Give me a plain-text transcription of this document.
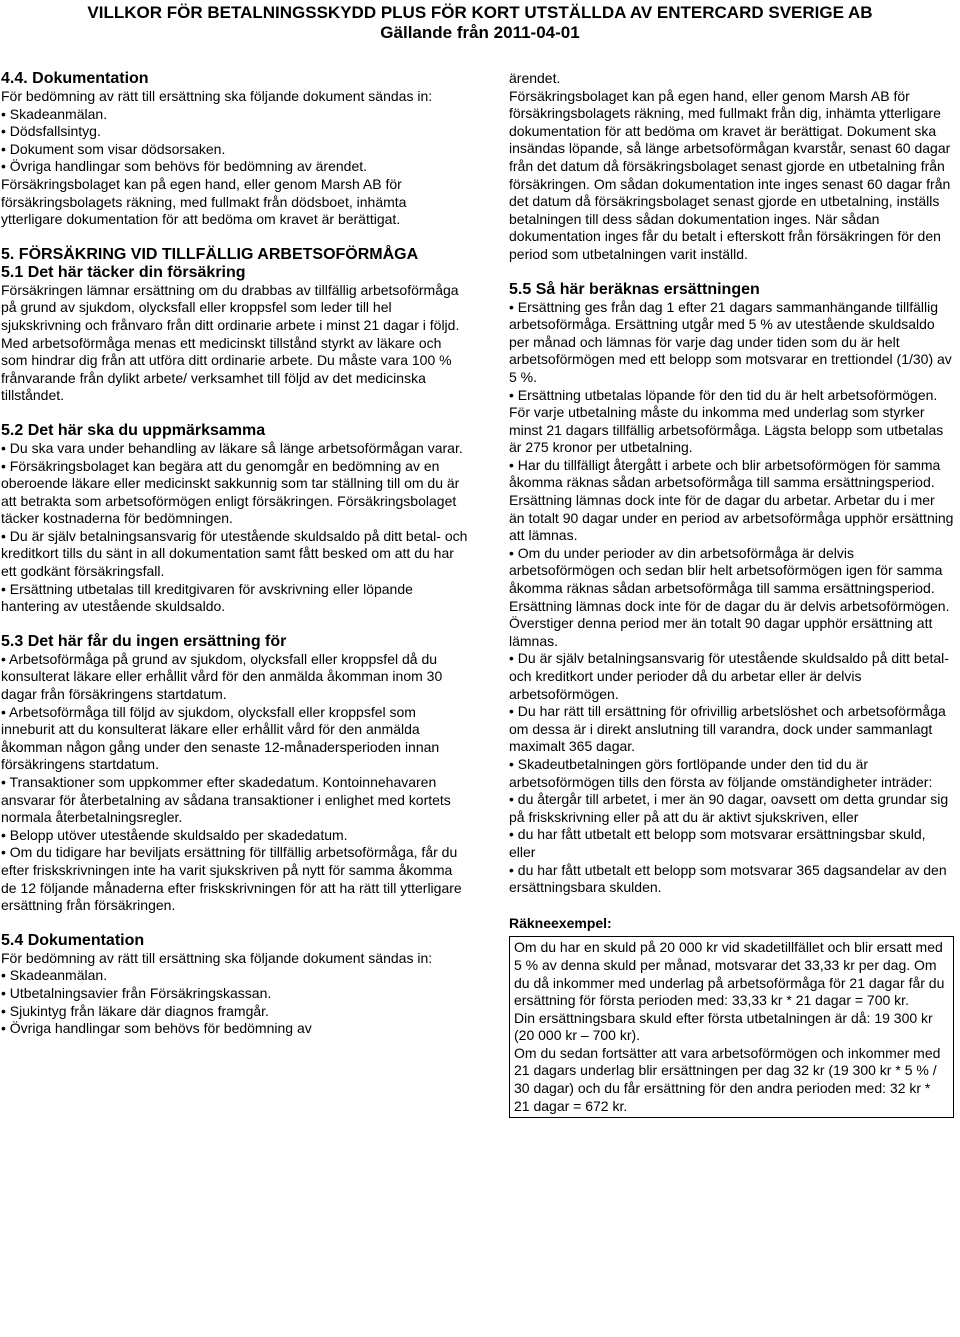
VILLKOR FÖR BETALNINGSSKYDD PLUS FÖR KORT UTSTÄLLDA AV ENTERCARD SVERIGE AB
Gällande från 2011-04-01
4.4. Dokumentation

För bedömning av rätt till ersättning ska följande dokument sändas in:

• Skadeanmälan.

• Dödsfallsintyg.

• Dokument som visar dödsorsaken.

• Övriga handlingar som behövs för bedömning av ärendet.

Försäkringsbolaget kan på egen hand, eller genom Marsh AB för försäkringsbolagets räkning, med fullmakt från dödsboet, inhämta ytterligare dokumentation för att bedöma om kravet är berättigat.

5. FÖRSÄKRING VID TILLFÄLLIG ARBETSOFÖRMÅGA
5.1 Det här täcker din försäkring

Försäkringen lämnar ersättning om du drabbas av tillfällig arbetsoförmåga på grund av sjukdom, olycksfall eller kroppsfel som leder till hel sjukskrivning och frånvaro från ditt ordinarie arbete i minst 21 dagar i följd. Med arbetsoförmåga menas ett medicinskt tillstånd styrkt av läkare och som hindrar dig från att utföra ditt ordinarie arbete. Du måste vara 100 % frånvarande från dylikt arbete/ verksamhet till följd av det medicinska tillståndet.

5.2 Det här ska du uppmärksamma

• Du ska vara under behandling av läkare så länge arbetsoförmågan varar.

• Försäkringsbolaget kan begära att du genomgår en bedömning av en oberoende läkare eller medicinskt sakkunnig som tar ställning till om du är att betrakta som arbetsoförmögen enligt försäkringen. Försäkringsbolaget täcker kostnaderna för bedömningen.

• Du är själv betalningsansvarig för utestående skuldsaldo på ditt betal- och kreditkort tills du sänt in all dokumentation samt fått besked om att du har ett godkänt försäkringsfall.

• Ersättning utbetalas till kreditgivaren för avskrivning eller löpande hantering av utestående skuldsaldo.

5.3 Det här får du ingen ersättning för

• Arbetsoförmåga på grund av sjukdom, olycksfall eller kroppsfel då du konsulterat läkare eller erhållit vård för den anmälda åkomman inom 30 dagar från försäkringens startdatum.

• Arbetsoförmåga till följd av sjukdom, olycksfall eller kroppsfel som inneburit att du konsulterat läkare eller erhållit vård för den anmälda åkomman någon gång under den senaste 12-månadersperioden innan försäkringens startdatum.

• Transaktioner som uppkommer efter skadedatum. Kontoinnehavaren ansvarar för återbetalning av sådana transaktioner i enlighet med kortets normala återbetalningsregler.

• Belopp utöver utestående skuldsaldo per skadedatum.

• Om du tidigare har beviljats ersättning för tillfällig arbetsoförmåga, får du efter friskskrivningen inte ha varit sjukskriven på nytt för samma åkomma de 12 följande månaderna efter friskskrivningen för att ha rätt till ytterligare ersättning från försäkringen.

5.4 Dokumentation

För bedömning av rätt till ersättning ska följande dokument sändas in:

• Skadeanmälan.

• Utbetalningsavier från Försäkringskassan.

• Sjukintyg från läkare där diagnos framgår.

• Övriga handlingar som behövs för bedömning av

ärendet.

Försäkringsbolaget kan på egen hand, eller genom Marsh AB för försäkringsbolagets räkning, med fullmakt från dig, inhämta ytterligare dokumentation för att bedöma om kravet är berättigat. Dokument ska insändas löpande, så länge arbetsoförmågan kvarstår, senast 60 dagar från det datum då försäkringsbolaget senast gjorde en utbetalning från försäkringen. Om sådan dokumentation inte inges senast 60 dagar från det datum då försäkringsbolaget senast gjorde en utbetalning, inställs betalningen till dess sådan dokumentation inges. När sådan dokumentation inges får du betalt i efterskott från försäkringen för den period som utbetalningen varit inställd.

5.5 Så här beräknas ersättningen

• Ersättning ges från dag 1 efter 21 dagars sammanhängande tillfällig arbetsoförmåga. Ersättning utgår med 5 % av utestående skuldsaldo per månad och lämnas för varje dag under tiden som du är helt arbetsoförmögen med ett belopp som motsvarar en trettiondel (1/30) av 5 %.

• Ersättning utbetalas löpande för den tid du är helt arbetsoförmögen. För varje utbetalning måste du inkomma med underlag som styrker minst 21 dagars tillfällig arbetsoförmåga. Lägsta belopp som utbetalas är 275 kronor per utbetalning.

• Har du tillfälligt återgått i arbete och blir arbetsoförmögen för samma åkomma räknas sådan arbetsoförmåga till samma ersättningsperiod. Ersättning lämnas dock inte för de dagar du arbetar. Arbetar du i mer än totalt 90 dagar under en period av arbetsoförmåga upphör ersättning att lämnas.

• Om du under perioder av din arbetsoförmåga är delvis arbetsoförmögen och sedan blir helt arbetsoförmögen igen för samma åkomma räknas sådan arbetsoförmåga till samma ersättningsperiod. Ersättning lämnas dock inte för de dagar du är delvis arbetsoförmögen. Överstiger denna period mer än totalt 90 dagar upphör ersättning att lämnas.

• Du är själv betalningsansvarig för utestående skuldsaldo på ditt betal- och kreditkort under perioder då du arbetar eller är delvis arbetsoförmögen.

• Du har rätt till ersättning för ofrivillig arbetslöshet och arbetsoförmåga om dessa är i direkt anslutning till varandra, dock under sammanlagt maximalt 365 dagar.

• Skadeutbetalningen görs fortlöpande under den tid du är arbetsoförmögen tills den första av följande omständigheter inträder:

• du återgår till arbetet, i mer än 90 dagar, oavsett om detta grundar sig på friskskrivning eller på att du är aktivt sjukskriven, eller

• du har fått utbetalt ett belopp som motsvarar ersättningsbar skuld, eller

• du har fått utbetalt ett belopp som motsvarar 365 dagsandelar av den ersättningsbara skulden.

Räkneexempel:

Om du har en skuld på 20 000 kr vid skadetillfället och blir ersatt med 5 % av denna skuld per månad, motsvarar det 33,33 kr per dag. Om du då inkommer med underlag på arbetsoförmåga för 21 dagar får du ersättning för första perioden med: 33,33 kr * 21 dagar = 700 kr.

Din ersättningsbara skuld efter första utbetalningen är då: 19 300 kr (20 000 kr – 700 kr).

Om du sedan fortsätter att vara arbetsoförmögen och inkommer med 21 dagars underlag blir ersättningen per dag 32 kr (19 300 kr * 5 % / 30 dagar) och du får ersättning för den andra perioden med: 32 kr * 21 dagar = 672 kr.
